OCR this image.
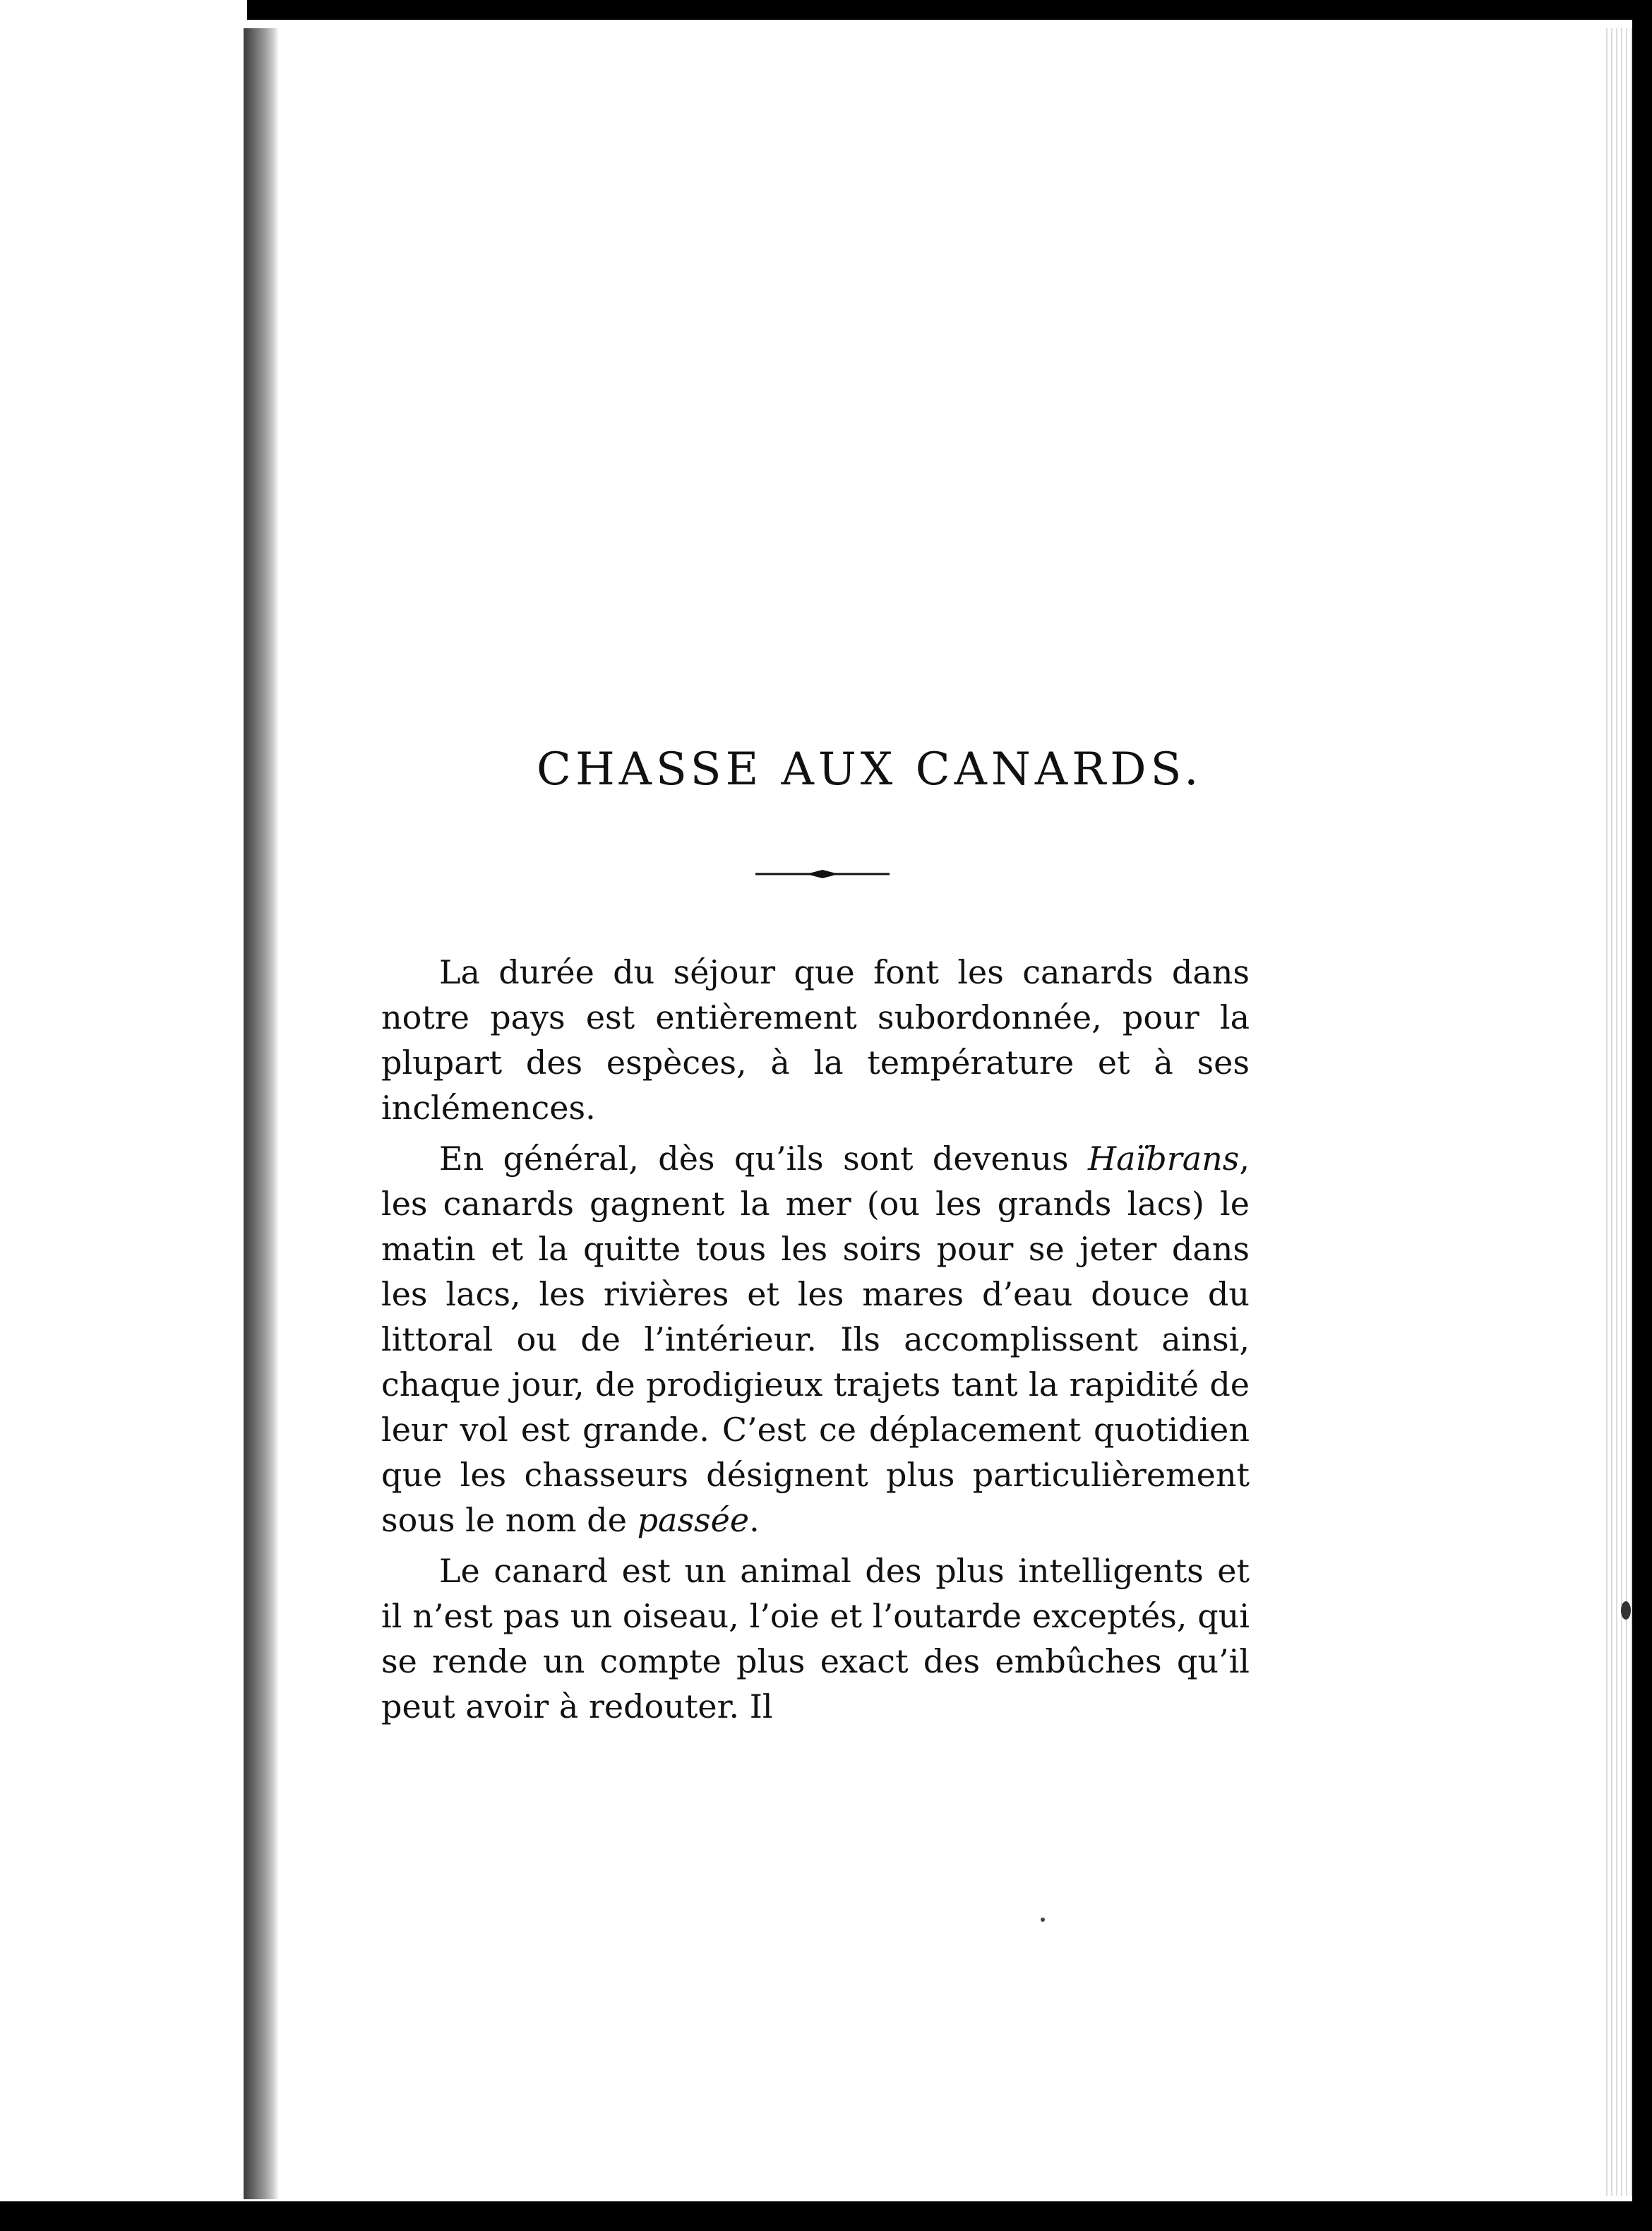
CHASSE AUX CANARDS.

La durée du séjour que font les canards dans notre pays est entièrement subordonnée, pour la plupart des espèces, à la température et à ses inclémences.

En général, dès qu’ils sont devenus Haïbrans, les canards gagnent la mer (ou les grands lacs) le matin et la quitte tous les soirs pour se jeter dans les lacs, les rivières et les mares d’eau douce du littoral ou de l’intérieur. Ils accomplissent ainsi, chaque jour, de prodigieux trajets tant la rapidité de leur vol est grande. C’est ce déplacement quotidien que les chasseurs désignent plus particulièrement sous le nom de passée.

Le canard est un animal des plus intelligents et il n’est pas un oiseau, l’oie et l’outarde exceptés, qui se rende un compte plus exact des embûches qu’il peut avoir à redouter. Il
